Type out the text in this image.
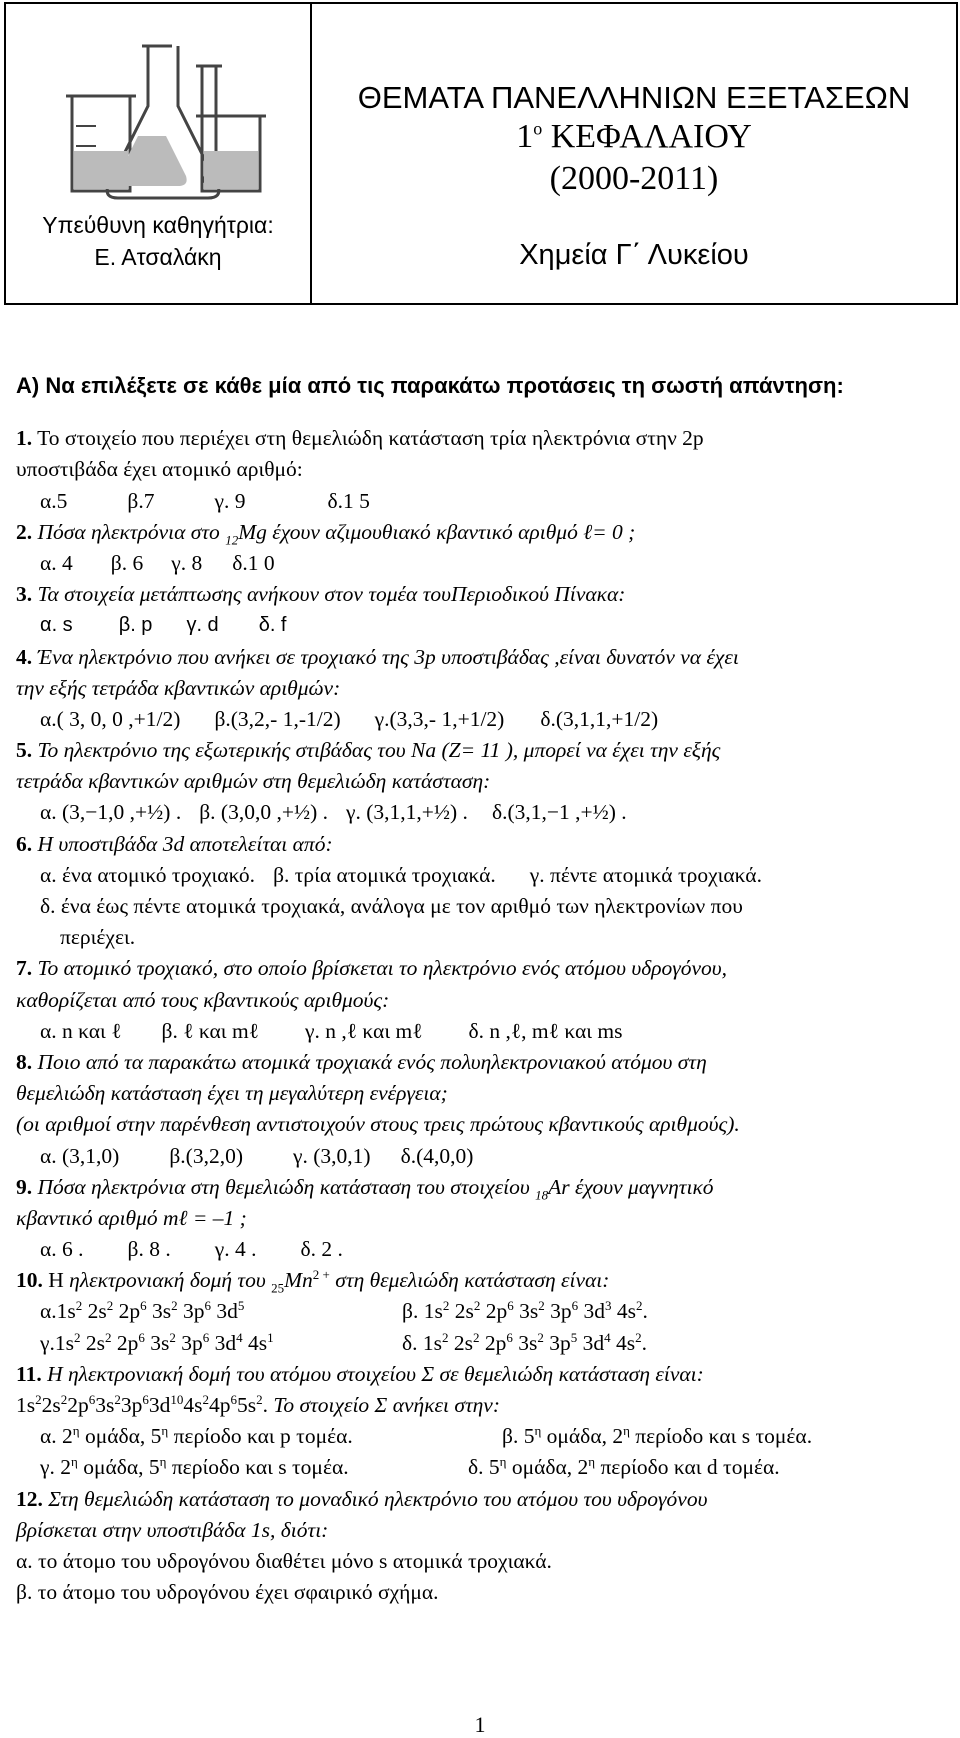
Υπεύθυνη καθηγήτρια:
Ε. Ατσαλάκη
ΘΕΜΑΤΑ ΠΑΝΕΛΛΗΝΙΩΝ ΕΞΕΤΑΣΕΩΝ
$1^o$ ΚΕΦΑΛΑΙΟΥ
(2000-2011)
Χημεία Γ΄ Λυκείου
Α) Να επιλέξετε σε κάθε μία από τις παρακάτω προτάσεις τη σωστή απάντηση:
1. Το στοιχείο που περιέχει στη θεμελιώδη κατάσταση τρία ηλεκτρόνια στην 2p
υποστιβάδα έχει ατομικό αριθμό:
α.5	β.7	γ. 9	δ.1 5
2. Πόσα ηλεκτρόνια στο $_{12}$Mg έχουν αζιμουθιακό κβαντικό αριθμό ℓ= 0 ;
α. 4 β. 6 γ. 8 δ.1 0
3. Τα στοιχεία μετάπτωσης ανήκουν στον τομέα τουΠεριοδικού Πίνακα:
α. s β. p γ. d δ. f
4. Ένα ηλεκτρόνιο που ανήκει σε τροχιακό της 3p υποστιβάδας ,είναι δυνατόν να έχει
την εξής τετράδα κβαντικών αριθμών:
α.( 3, 0, 0 ,+1/2) β.(3,2,- 1,-1/2) γ.(3,3,- 1,+1/2) δ.(3,1,1,+1/2)
5. Το ηλεκτρόνιο της εξωτερικής στιβάδας του Na (Z= 11 ), μπορεί να έχει την εξής
τετράδα κβαντικών αριθμών στη θεμελιώδη κατάσταση:
α. (3,−1,0 ,+½) . β. (3,0,0 ,+½) . γ. (3,1,1,+½) . δ.(3,1,−1 ,+½) .
6. Η υποστιβάδα 3d αποτελείται από:
α. ένα ατομικό τροχιακό. β. τρία ατομικά τροχιακά. γ. πέντε ατομικά τροχιακά.
δ. ένα έως πέντε ατομικά τροχιακά, ανάλογα με τον αριθμό των ηλεκτρονίων που
περιέχει.
7. Το ατομικό τροχιακό, στο οποίο βρίσκεται το ηλεκτρόνιο ενός ατόμου υδρογόνου,
καθορίζεται από τους κβαντικούς αριθμούς:
α. n και ℓ β. ℓ και mℓ γ. n ,ℓ και mℓ δ. n ,ℓ, mℓ και ms
8. Ποιο από τα παρακάτω ατομικά τροχιακά ενός πολυηλεκτρονιακού ατόμου στη
θεμελιώδη κατάσταση έχει τη μεγαλύτερη ενέργεια;
(οι αριθμοί στην παρένθεση αντιστοιχούν στους τρεις πρώτους κβαντικούς αριθμούς).
α. (3,1,0) β.(3,2,0) γ. (3,0,1) δ.(4,0,0)
9. Πόσα ηλεκτρόνια στη θεμελιώδη κατάσταση του στοιχείου $_{18}$Ar έχουν μαγνητικό
κβαντικό αριθμό mℓ = –1 ;
α. 6 . β. 8 . γ. 4 . δ. 2 .
10. Η ηλεκτρονιακή δομή του $_{25}Mn^{2 +}$ στη θεμελιώδη κατάσταση είναι:
$\alpha.1s^2$ $2s^2$ $2p^6$ $3s^2$ $3p^6$ $3d^5$	β. $1s^2$ $2s^2$ $2p^6$ $3s^2$ $3p^6$ $3d^3$ $4s^2$.
$\gamma.1s^2$ $2s^2$ $2p^6$ $3s^2$ $3p^6$ $3d^4$ $4s^1$	δ. $1s^2$ $2s^2$ $2p^6$ $3s^2$ $3p^5$ $3d^4$ $4s^2$.
11. Η ηλεκτρονιακή δομή του ατόμου στοιχείου Σ σε θεμελιώδη κατάσταση είναι:
$1s^22s^22p^63s^23p^63d^{10}4s^24p^65s^2$. Το στοιχείο Σ ανήκει στην:
α. $2^\eta$ ομάδα, $5^\eta$ περίοδο και p τομέα.	β. $5^\eta$ ομάδα, $2^\eta$ περίοδο και s τομέα.
γ. $2^\eta$ ομάδα, $5^\eta$ περίοδο και s τομέα.	δ. $5^\eta$ ομάδα, $2^\eta$ περίοδο και d τομέα.
12. Στη θεμελιώδη κατάσταση το μοναδικό ηλεκτρόνιο του ατόμου του υδρογόνου
βρίσκεται στην υποστιβάδα 1s, διότι:
α. το άτομο του υδρογόνου διαθέτει μόνο s ατομικά τροχιακά.
β. το άτομο του υδρογόνου έχει σφαιρικό σχήμα.
1
